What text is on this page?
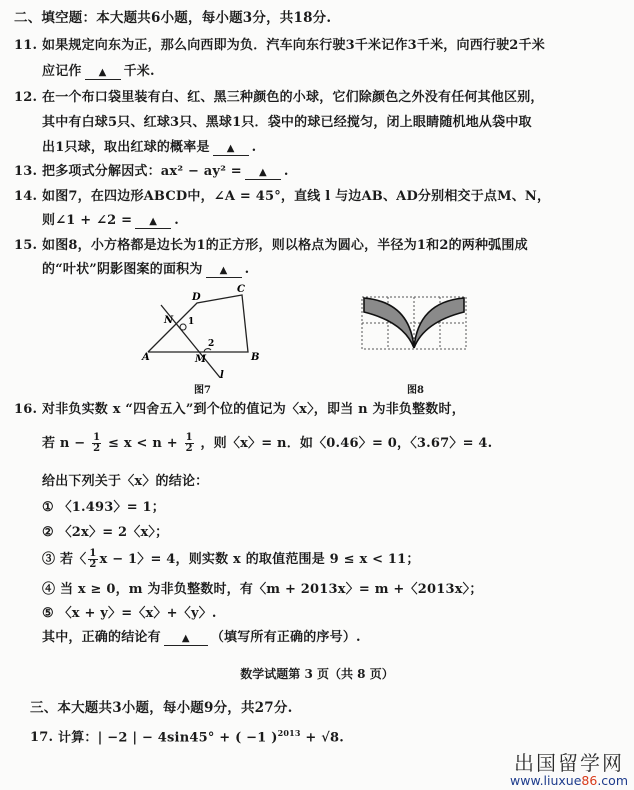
二、填空题：本大题共6小题，每小题3分，共18分.
11. 如果规定向东为正，那么向西即为负．汽车向东行驶3千米记作3千米，向西行驶2千米
应记作 ▲ 千米.
12. 在一个布口袋里装有白、红、黑三种颜色的小球，它们除颜色之外没有任何其他区别，
其中有白球5只、红球3只、黑球1只．袋中的球已经搅匀，闭上眼睛随机地从袋中取
出1只球，取出红球的概率是 ▲ .
13. 把多项式分解因式：ax² − ay² = ▲ .
14. 如图7，在四边形ABCD中，∠A = 45°，直线 l 与边AB、AD分别相交于点M、N，
则∠1 + ∠2 = ▲ .
15. 如图8，小方格都是边长为1的正方形，则以格点为圆心，半径为1和2的两种弧围成
的“叶状”阴影图案的面积为 ▲ .
A	B
C
D
N
M
1
2
l
图7	图8
16. 对非负实数 x “四舍五入”到个位的值记为〈x〉，即当 n 为非负整数时，
若 $n - \frac{1}{2} \le x < n + \frac{1}{2}$ ，则〈x〉= n．如〈0.46〉= 0，〈3.67〉= 4.
给出下列关于〈x〉的结论：
① 〈1.493〉= 1；
② 〈2x〉= 2〈x〉；
③ 若〈 $\frac{1}{2}$ x − 1〉= 4，则实数 x 的取值范围是 9 ≤ x < 11；
④ 当 x ≥ 0，m 为非负整数时，有〈m + 2013x〉= m +〈2013x〉；
⑤ 〈x + y〉=〈x〉+〈y〉.
其中，正确的结论有 ▲ （填写所有正确的序号）.
数学试题第 3 页（共 8 页）
三、本大题共3小题，每小题9分，共27分.
17. 计算：| −2 | − 4sin45° + ( −1 )$^{2013}$ + √8.
出国留学网
www.liuxue86.com
